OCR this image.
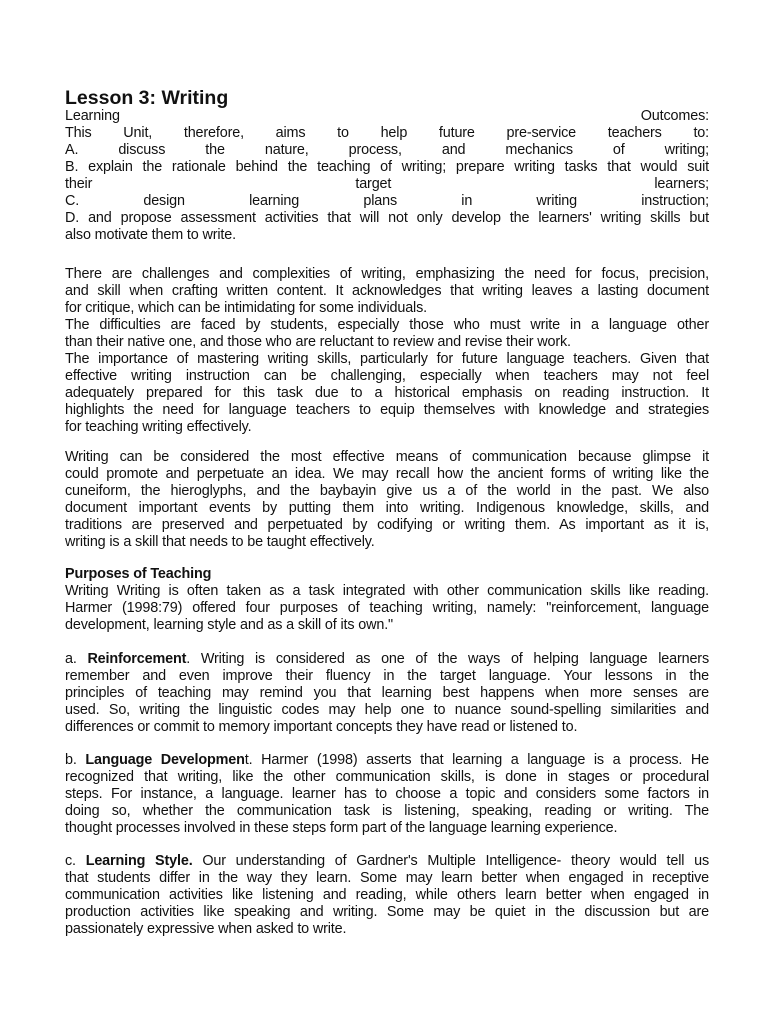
Lesson 3: Writing
Learning Outcomes:
This Unit, therefore, aims to help future pre-service teachers to:
A. discuss the nature, process, and mechanics of writing;
B. explain the rationale behind the teaching of writing; prepare writing tasks that would suit
their target learners;
C. design learning plans in writing instruction;
D. and propose assessment activities that will not only develop the learners' writing skills but
also motivate them to write.
There are challenges and complexities of writing, emphasizing the need for focus, precision,
and skill when crafting written content. It acknowledges that writing leaves a lasting document
for critique, which can be intimidating for some individuals.
The difficulties are faced by students, especially those who must write in a language other
than their native one, and those who are reluctant to review and revise their work.
The importance of mastering writing skills, particularly for future language teachers. Given that
effective writing instruction can be challenging, especially when teachers may not feel
adequately prepared for this task due to a historical emphasis on reading instruction. It
highlights the need for language teachers to equip themselves with knowledge and strategies
for teaching writing effectively.
Writing can be considered the most effective means of communication because glimpse it
could promote and perpetuate an idea. We may recall how the ancient forms of writing like the
cuneiform, the hieroglyphs, and the baybayin give us a of the world in the past. We also
document important events by putting them into writing. Indigenous knowledge, skills, and
traditions are preserved and perpetuated by codifying or writing them. As important as it is,
writing is a skill that needs to be taught effectively.
Purposes of Teaching
Writing Writing is often taken as a task integrated with other communication skills like reading.
Harmer (1998:79) offered four purposes of teaching writing, namely: "reinforcement, language
development, learning style and as a skill of its own."
a. Reinforcement. Writing is considered as one of the ways of helping language learners
remember and even improve their fluency in the target language. Your lessons in the
principles of teaching may remind you that learning best happens when more senses are
used. So, writing the linguistic codes may help one to nuance sound-spelling similarities and
differences or commit to memory important concepts they have read or listened to.
b. Language Development. Harmer (1998) asserts that learning a language is a process. He
recognized that writing, like the other communication skills, is done in stages or procedural
steps. For instance, a language. learner has to choose a topic and considers some factors in
doing so, whether the communication task is listening, speaking, reading or writing. The
thought processes involved in these steps form part of the language learning experience.
c. Learning Style. Our understanding of Gardner's Multiple Intelligence- theory would tell us
that students differ in the way they learn. Some may learn better when engaged in receptive
communication activities like listening and reading, while others learn better when engaged in
production activities like speaking and writing. Some may be quiet in the discussion but are
passionately expressive when asked to write.
